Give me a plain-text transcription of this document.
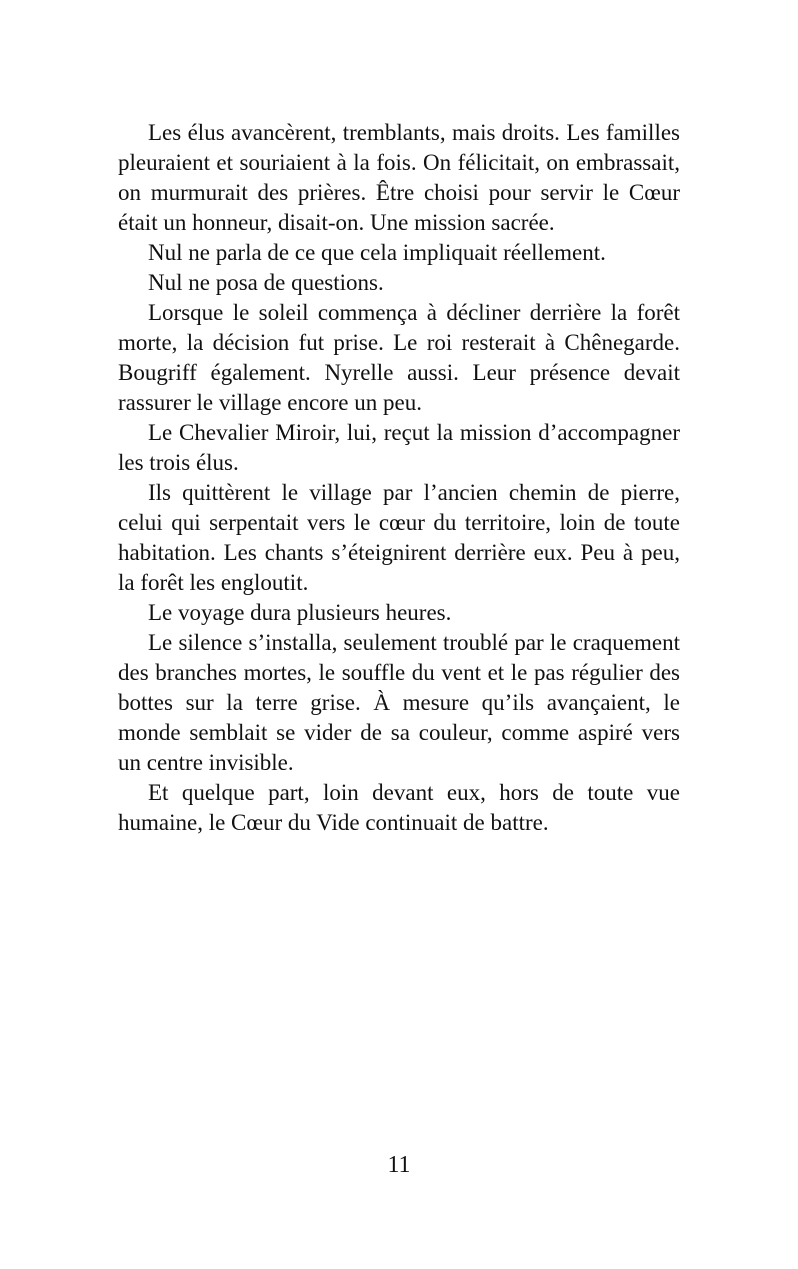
Les élus avancèrent, tremblants, mais droits. Les familles pleuraient et souriaient à la fois. On félicitait, on embrassait, on murmurait des prières. Être choisi pour servir le Cœur était un honneur, disait-on. Une mission sacrée.

Nul ne parla de ce que cela impliquait réellement.

Nul ne posa de questions.

Lorsque le soleil commença à décliner derrière la forêt morte, la décision fut prise. Le roi resterait à Chênegarde. Bougriff également. Nyrelle aussi. Leur présence devait rassurer le village encore un peu.

Le Chevalier Miroir, lui, reçut la mission d’accompagner les trois élus.

Ils quittèrent le village par l’ancien chemin de pierre, celui qui serpentait vers le cœur du territoire, loin de toute habitation. Les chants s’éteignirent derrière eux. Peu à peu, la forêt les engloutit.

Le voyage dura plusieurs heures.

Le silence s’installa, seulement troublé par le craquement des branches mortes, le souffle du vent et le pas régulier des bottes sur la terre grise. À mesure qu’ils avançaient, le monde semblait se vider de sa couleur, comme aspiré vers un centre invisible.

Et quelque part, loin devant eux, hors de toute vue humaine, le Cœur du Vide continuait de battre.

11
